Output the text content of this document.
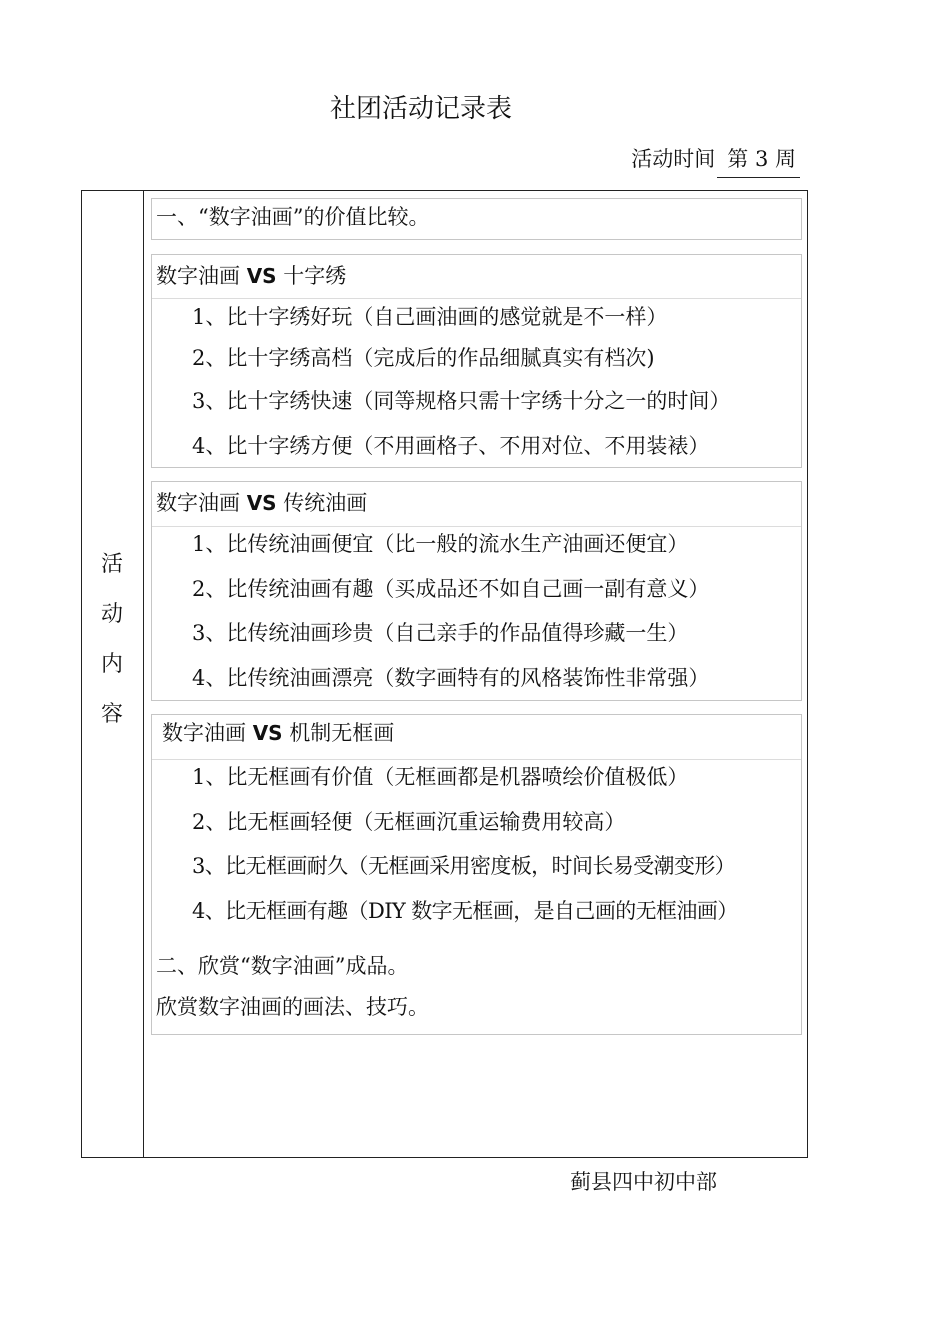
社团活动记录表
活动时间 第 3 周
活
动
内
容
一、“数字油画”的价值比较。
数字油画 VS 十字绣
1、比十字绣好玩（自己画油画的感觉就是不一样）
2、比十字绣高档（完成后的作品细腻真实有档次)
3、比十字绣快速（同等规格只需十字绣十分之一的时间）
4、比十字绣方便（不用画格子、不用对位、不用装裱）
数字油画 VS 传统油画
1、比传统油画便宜（比一般的流水生产油画还便宜）
2、比传统油画有趣（买成品还不如自己画一副有意义）
3、比传统油画珍贵（自己亲手的作品值得珍藏一生）
4、比传统油画漂亮（数字画特有的风格装饰性非常强）
数字油画 VS 机制无框画
1、比无框画有价值（无框画都是机器喷绘价值极低）
2、比无框画轻便（无框画沉重运输费用较高）
3、比无框画耐久（无框画采用密度板，时间长易受潮变形）
4、比无框画有趣（DIY 数字无框画，是自己画的无框油画）
二、欣赏“数字油画”成品。
欣赏数字油画的画法、技巧。
蓟县四中初中部
